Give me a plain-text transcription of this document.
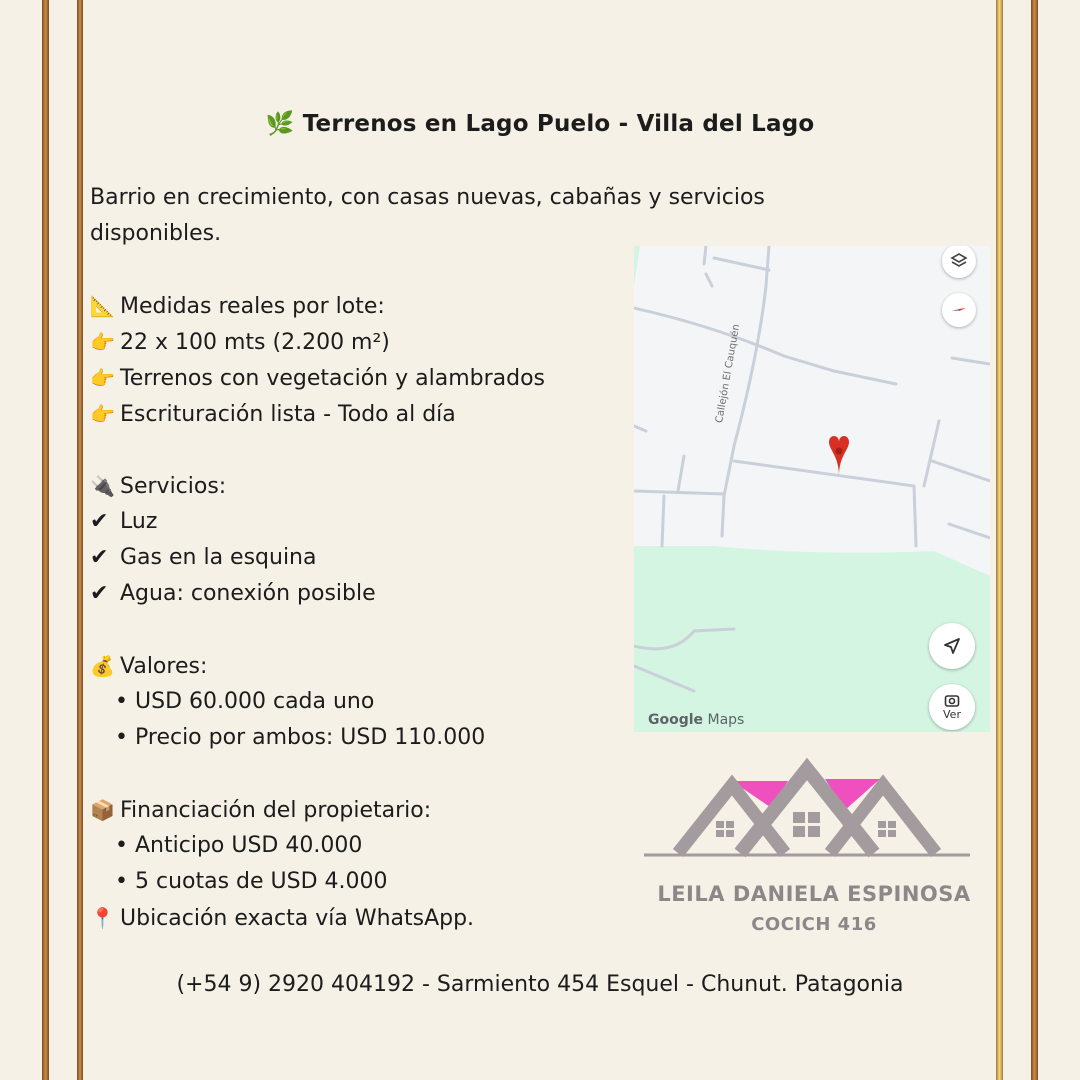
🌿 Terrenos en Lago Puelo - Villa del Lago
Barrio en crecimiento, con casas nuevas, cabañas y servicios disponibles.
📐 Medidas reales por lote:
👉 22 x 100 mts (2.200 m²)
👉 Terrenos con vegetación y alambrados
👉 Escrituración lista - Todo al día
🔌 Servicios:
✔ Luz
✔ Gas en la esquina
✔ Agua: conexión posible
💰 Valores:
• USD 60.000 cada uno
• Precio por ambos: USD 110.000
📦 Financiación del propietario:
• Anticipo USD 40.000
• 5 cuotas de USD 4.000
📍 Ubicación exacta vía WhatsApp.
Callejón El Cauquén
Ver
Google Maps
LEILA DANIELA ESPINOSA
COCICH 416
(+54 9) 2920 404192 - Sarmiento 454 Esquel - Chunut. Patagonia
